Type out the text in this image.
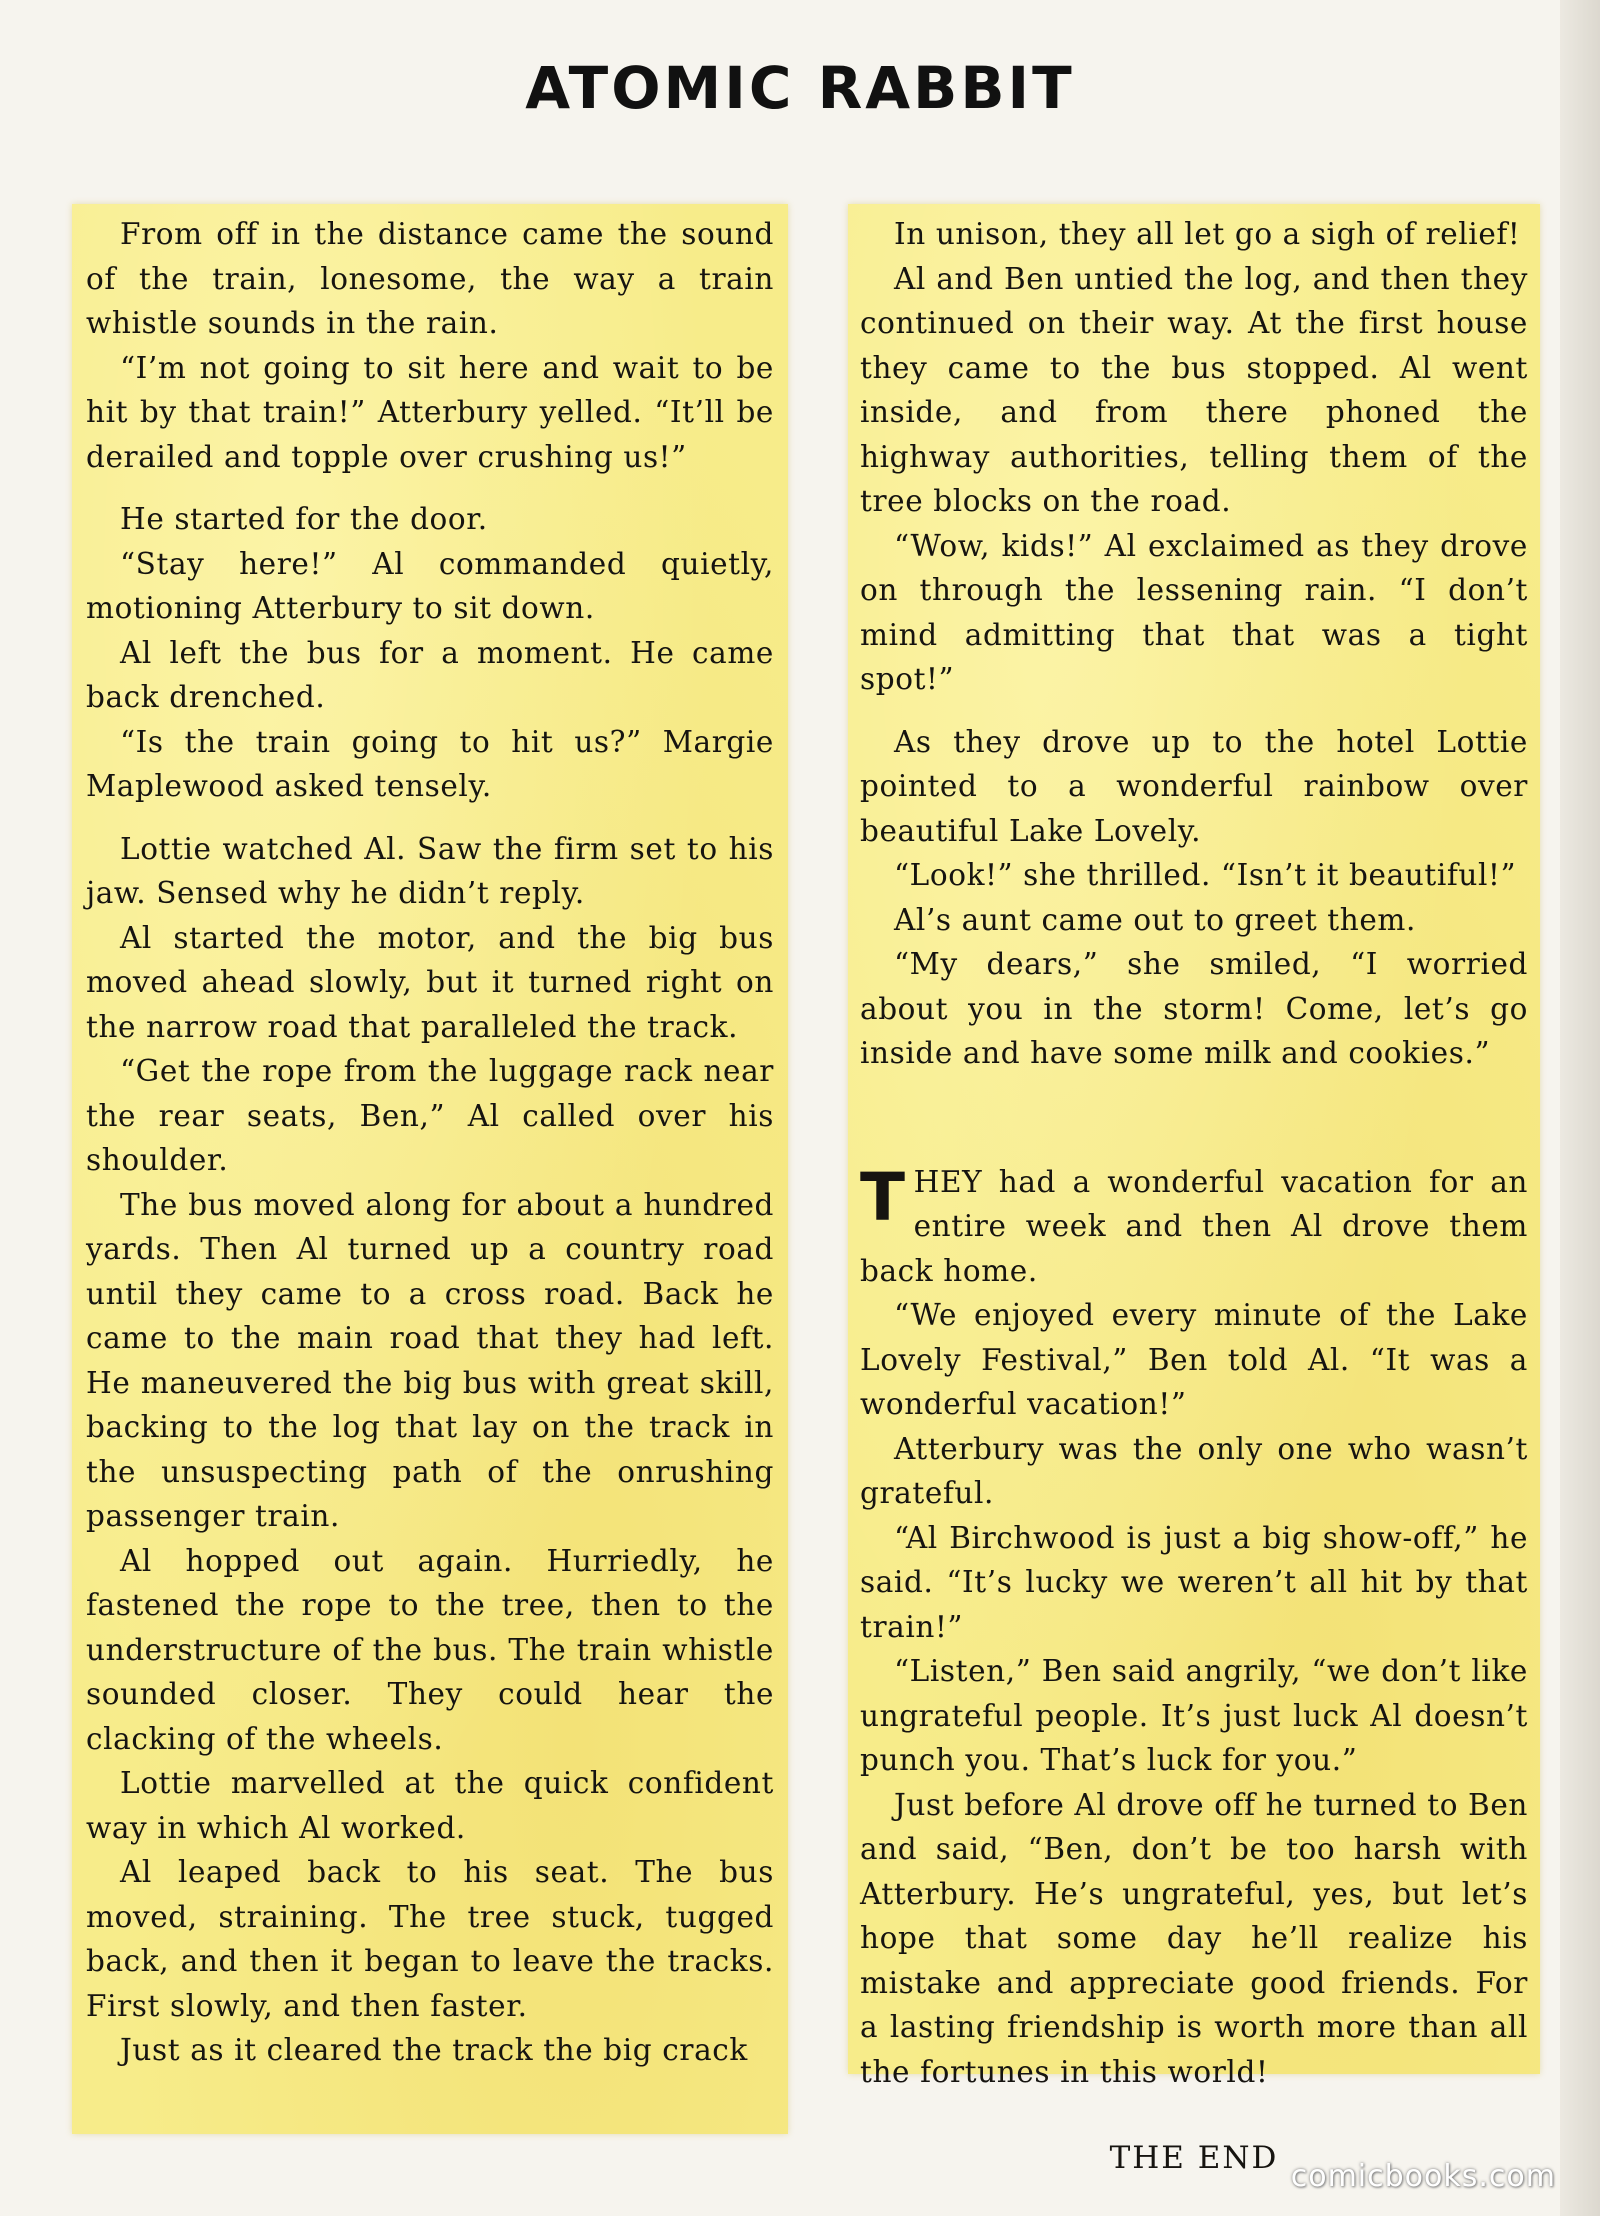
ATOMIC RABBIT

From off in the distance came the sound of the train, lonesome, the way a train whistle sounds in the rain.

“I’m not going to sit here and wait to be hit by that train!” Atterbury yelled. “It’ll be derailed and topple over crushing us!”

He started for the door.

“Stay here!” Al commanded quietly, motioning Atterbury to sit down.

Al left the bus for a moment. He came back drenched.

“Is the train going to hit us?” Margie Maplewood asked tensely.

Lottie watched Al. Saw the firm set to his jaw. Sensed why he didn’t reply.

Al started the motor, and the big bus moved ahead slowly, but it turned right on the narrow road that paralleled the track.

“Get the rope from the luggage rack near the rear seats, Ben,” Al called over his shoulder.

The bus moved along for about a hundred yards. Then Al turned up a country road until they came to a cross road. Back he came to the main road that they had left. He maneuvered the big bus with great skill, backing to the log that lay on the track in the unsuspecting path of the onrushing passenger train.

Al hopped out again. Hurriedly, he fastened the rope to the tree, then to the understructure of the bus. The train whistle sounded closer. They could hear the clacking of the wheels.

Lottie marvelled at the quick confident way in which Al worked.

Al leaped back to his seat. The bus moved, straining. The tree stuck, tugged back, and then it began to leave the tracks. First slowly, and then faster.

Just as it cleared the track the big crack

In unison, they all let go a sigh of relief!

Al and Ben untied the log, and then they continued on their way. At the first house they came to the bus stopped. Al went inside, and from there phoned the highway authorities, telling them of the tree blocks on the road.

“Wow, kids!” Al exclaimed as they drove on through the lessening rain. “I don’t mind admitting that that was a tight spot!”

As they drove up to the hotel Lottie pointed to a wonderful rainbow over beautiful Lake Lovely.

“Look!” she thrilled. “Isn’t it beautiful!”

Al’s aunt came out to greet them.

“My dears,” she smiled, “I worried about you in the storm! Come, let’s go inside and have some milk and cookies.”

THEY had a wonderful vacation for an entire week and then Al drove them back home.

“We enjoyed every minute of the Lake Lovely Festival,” Ben told Al. “It was a wonderful vacation!”

Atterbury was the only one who wasn’t grateful.

“Al Birchwood is just a big show-off,” he said. “It’s lucky we weren’t all hit by that train!”

“Listen,” Ben said angrily, “we don’t like ungrateful people. It’s just luck Al doesn’t punch you. That’s luck for you.”

Just before Al drove off he turned to Ben and said, “Ben, don’t be too harsh with Atterbury. He’s ungrateful, yes, but let’s hope that some day he’ll realize his mistake and appreciate good friends. For a lasting friendship is worth more than all the fortunes in this world!

THE END
comicbooks.com
